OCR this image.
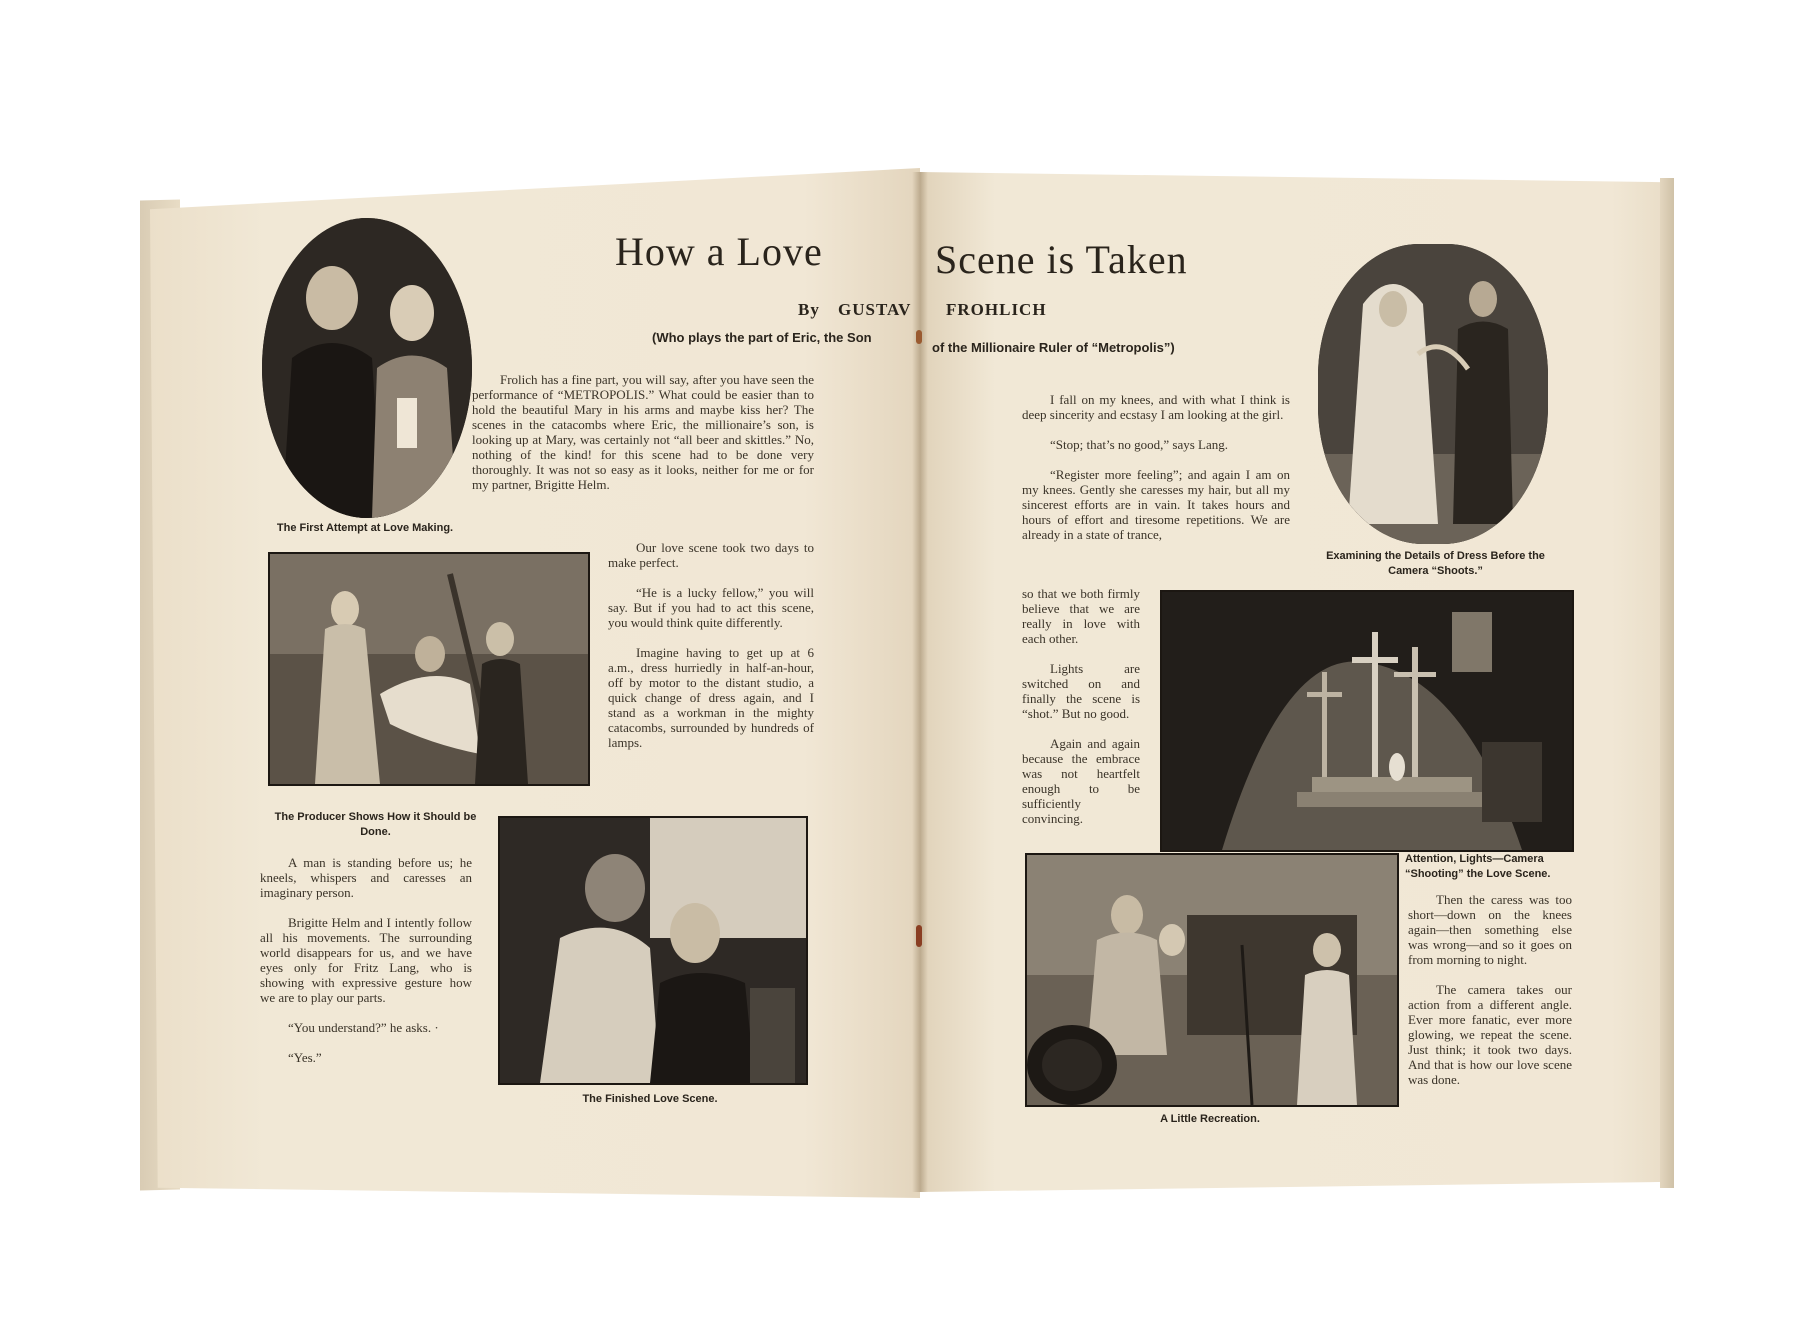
How a Love	Scene is Taken
By GUSTAV FROHLICH
(Who plays the part of Eric, the Son
of the Millionaire Ruler of “Metropolis”)
The First Attempt at Love Making.
The Producer Shows How it Should be Done.
The Finished Love Scene.

Frolich has a fine part, you will say, after you have seen the performance of “METROPOLIS.” What could be easier than to hold the beautiful Mary in his arms and maybe kiss her? The scenes in the catacombs where Eric, the millionaire’s son, is looking up at Mary, was certainly not “all beer and skittles.” No, nothing of the kind! for this scene had to be done very thoroughly. It was not so easy as it looks, neither for me or for my partner, Brigitte Helm.

Our love scene took two days to make perfect.

“He is a lucky fellow,” you will say. But if you had to act this scene, you would think quite differently.

Imagine having to get up at 6 a.m., dress hurriedly in half-an-hour, off by motor to the distant studio, a quick change of dress again, and I stand as a workman in the mighty catacombs, surrounded by hundreds of lamps.

A man is standing before us; he kneels, whispers and caresses an imaginary person.

Brigitte Helm and I intently follow all his movements. The surrounding world disappears for us, and we have eyes only for Fritz Lang, who is showing with expressive gesture how we are to play our parts.

“You understand?” he asks. ·

“Yes.”

Examining the Details of Dress Before the Camera “Shoots.”
Attention, Lights—Camera “Shooting” the Love Scene.
A Little Recreation.

I fall on my knees, and with what I think is deep sincerity and ecstasy I am looking at the girl.

“Stop; that’s no good,” says Lang.

“Register more feeling”; and again I am on my knees. Gently she caresses my hair, but all my sincerest efforts are in vain. It takes hours and hours of effort and tiresome repetitions. We are already in a state of trance,

so that we both firmly believe that we are really in love with each other.

Lights are switched on and finally the scene is “shot.” But no good.

Again and again because the embrace was not heartfelt enough to be sufficiently convincing.

Then the caress was too short—down on the knees again—then something else was wrong—and so it goes on from morning to night.

The camera takes our action from a different angle. Ever more fanatic, ever more glowing, we repeat the scene. Just think; it took two days. And that is how our love scene was done.
